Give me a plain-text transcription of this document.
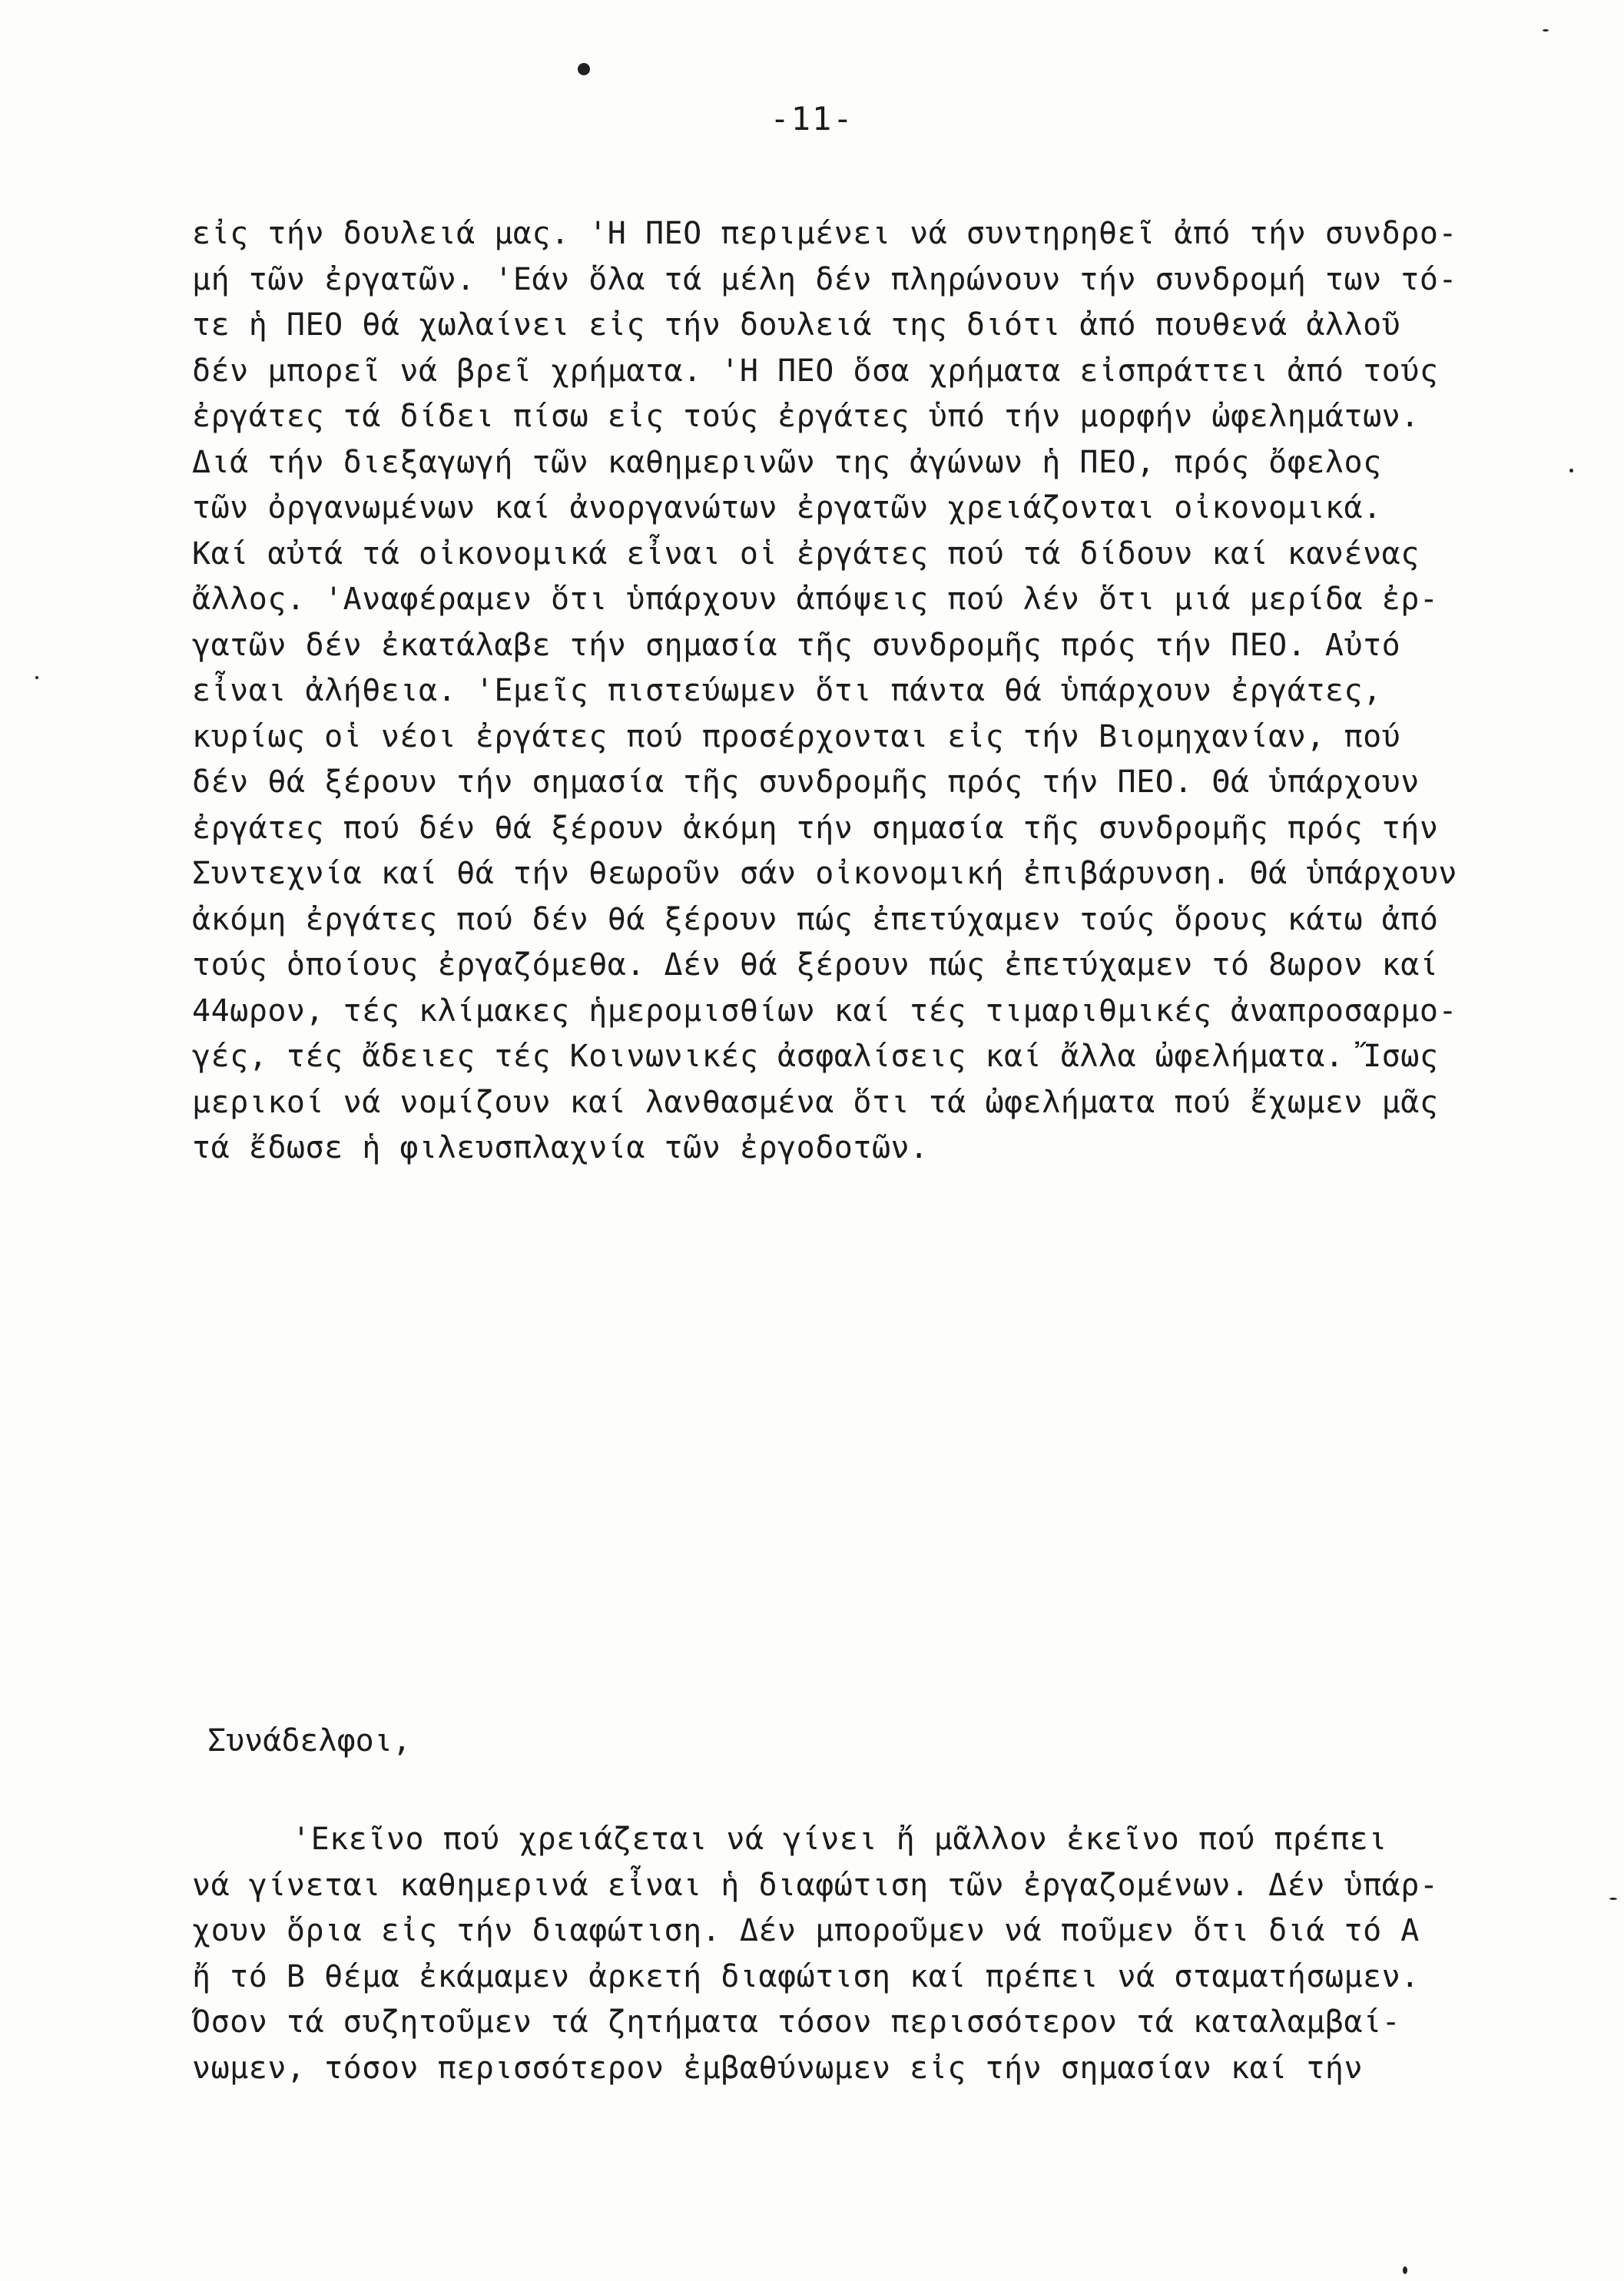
-11-
εἰς τήν δουλειά μας. 'Η ΠΕΟ περιμένει νά συντηρηθεῖ ἀπό τήν συνδρο-
μή τῶν ἐργατῶν. 'Εάν ὅλα τά μέλη δέν πληρώνουν τήν συνδρομή των τό-
τε ἡ ΠΕΟ θά χωλαίνει εἰς τήν δουλειά της διότι ἀπό πουθενά ἀλλοῦ
δέν μπορεῖ νά βρεῖ χρήματα. 'Η ΠΕΟ ὅσα χρήματα εἰσπράττει ἀπό τούς
ἐργάτες τά δίδει πίσω εἰς τούς ἐργάτες ὑπό τήν μορφήν ὠφελημάτων.
Διά τήν διεξαγωγή τῶν καθημερινῶν της ἀγώνων ἡ ΠΕΟ, πρός ὄφελος
τῶν ὀργανωμένων καί ἀνοργανώτων ἐργατῶν χρειάζονται οἰκονομικά.
Καί αὐτά τά οἰκονομικά εἶναι οἱ ἐργάτες πού τά δίδουν καί κανένας
ἄλλος. 'Αναφέραμεν ὅτι ὑπάρχουν ἀπόψεις πού λέν ὅτι μιά μερίδα ἐρ-
γατῶν δέν ἐκατάλαβε τήν σημασία τῆς συνδρομῆς πρός τήν ΠΕΟ. Αὐτό
εἶναι ἀλήθεια. 'Εμεῖς πιστεύωμεν ὅτι πάντα θά ὑπάρχουν ἐργάτες,
κυρίως οἱ νέοι ἐργάτες πού προσέρχονται εἰς τήν Βιομηχανίαν, πού
δέν θά ξέρουν τήν σημασία τῆς συνδρομῆς πρός τήν ΠΕΟ. Θά ὑπάρχουν
ἐργάτες πού δέν θά ξέρουν ἀκόμη τήν σημασία τῆς συνδρομῆς πρός τήν
Συντεχνία καί θά τήν θεωροῦν σάν οἰκονομική ἐπιβάρυνση. Θά ὑπάρχουν
ἀκόμη ἐργάτες πού δέν θά ξέρουν πώς ἐπετύχαμεν τούς ὅρους κάτω ἀπό
τούς ὁποίους ἐργαζόμεθα. Δέν θά ξέρουν πώς ἐπετύχαμεν τό 8ωρον καί
44ωρον, τές κλίμακες ἡμερομισθίων καί τές τιμαριθμικές ἀναπροσαρμο-
γές, τές ἄδειες τές Κοινωνικές ἀσφαλίσεις καί ἄλλα ὠφελήματα. Ἴσως
μερικοί νά νομίζουν καί λανθασμένα ὅτι τά ὠφελήματα πού ἔχωμεν μᾶς
τά ἔδωσε ἡ φιλευσπλαχνία τῶν ἐργοδοτῶν.
Συνάδελφοι,
'Εκεῖνο πού χρειάζεται νά γίνει ἤ μᾶλλον ἐκεῖνο πού πρέπει
νά γίνεται καθημερινά εἶναι ἡ διαφώτιση τῶν ἐργαζομένων. Δέν ὑπάρ-
χουν ὅρια εἰς τήν διαφώτιση. Δέν μποροῦμεν νά ποῦμεν ὅτι διά τό Α
ἤ τό Β θέμα ἐκάμαμεν ἀρκετή διαφώτιση καί πρέπει νά σταματήσωμεν.
Ὅσον τά συζητοῦμεν τά ζητήματα τόσον περισσότερον τά καταλαμβαί-
νωμεν, τόσον περισσότερον ἐμβαθύνωμεν εἰς τήν σημασίαν καί τήν
